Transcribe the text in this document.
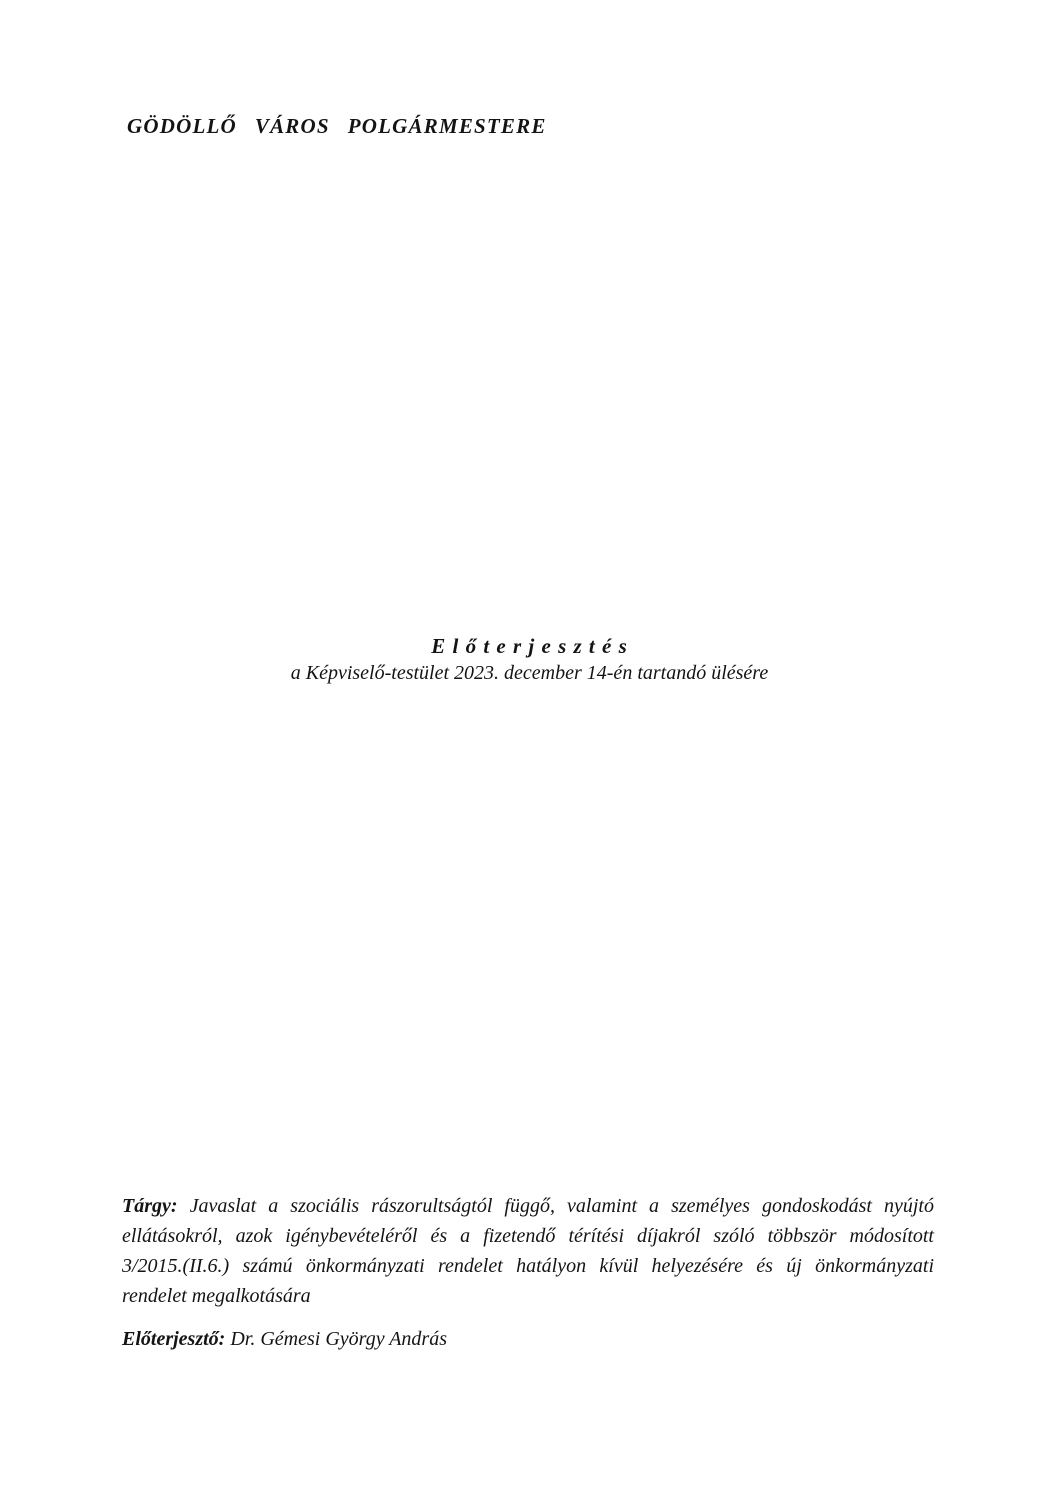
GÖDÖLLŐ VÁROS POLGÁRMESTERE
E l ő t e r j e s z t é s
a Képviselő-testület 2023. december 14-én tartandó ülésére
Tárgy: Javaslat a szociális rászorultságtól függő, valamint a személyes gondoskodást nyújtó
ellátásokról, azok igénybevételéről és a fizetendő térítési díjakról szóló többször módosított
3/2015.(II.6.) számú önkormányzati rendelet hatályon kívül helyezésére és új önkormányzati
rendelet megalkotására
Előterjesztő: Dr. Gémesi György András
